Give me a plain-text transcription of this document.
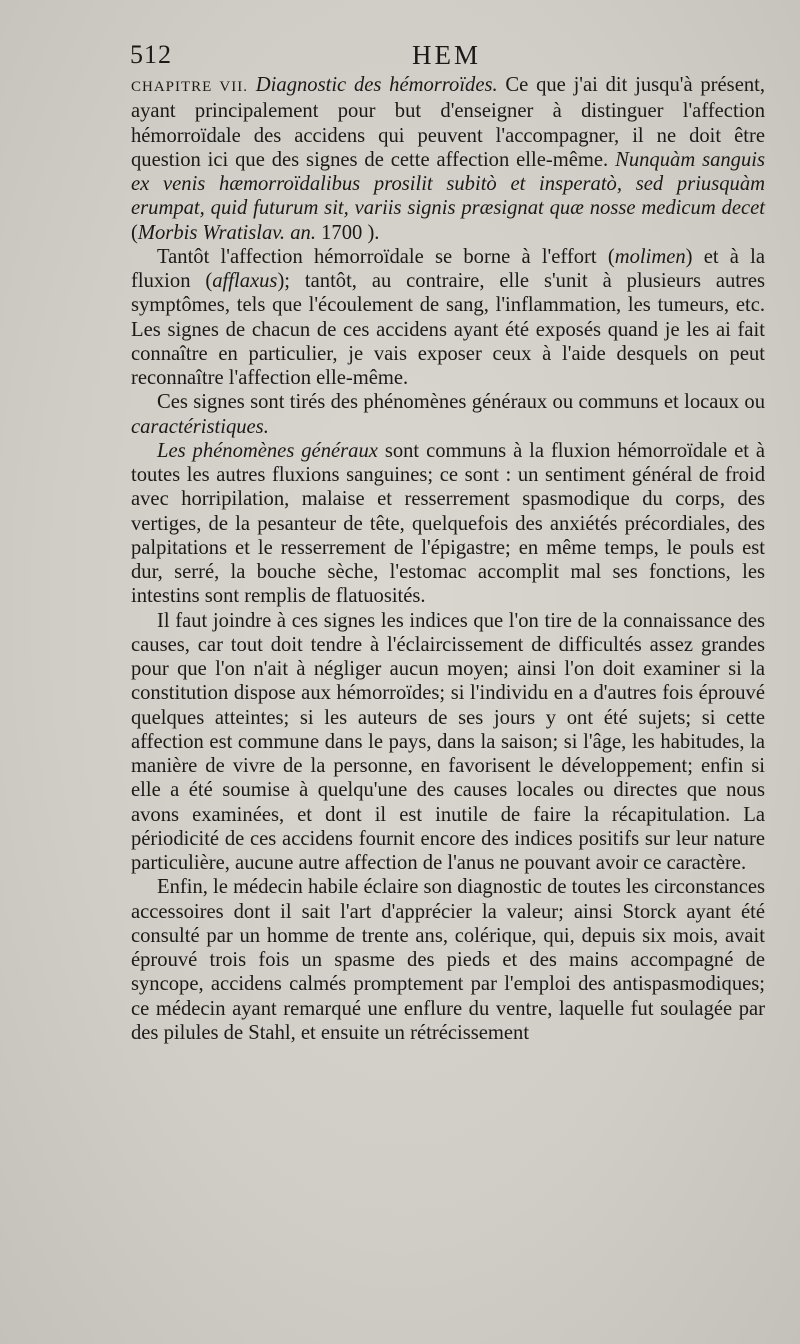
512	HEM

CHAPITRE VII. Diagnostic des hémorroïdes. Ce que j'ai dit jusqu'à présent, ayant principalement pour but d'enseigner à distinguer l'affection hémorroïdale des accidens qui peuvent l'accompagner, il ne doit être question ici que des signes de cette affection elle-même. Nunquàm sanguis ex venis hæmorroïdalibus prosilit subitò et insperatò, sed priusquàm erumpat, quid futurum sit, variis signis præsignat quæ nosse medicum decet (Morbis Wratislav. an. 1700 ).

Tantôt l'affection hémorroïdale se borne à l'effort (molimen) et à la fluxion (afflaxus); tantôt, au contraire, elle s'unit à plusieurs autres symptômes, tels que l'écoulement de sang, l'inflammation, les tumeurs, etc. Les signes de chacun de ces accidens ayant été exposés quand je les ai fait connaître en particulier, je vais exposer ceux à l'aide desquels on peut reconnaître l'affection elle-même.

Ces signes sont tirés des phénomènes généraux ou communs et locaux ou caractéristiques.

Les phénomènes généraux sont communs à la fluxion hémorroïdale et à toutes les autres fluxions sanguines; ce sont : un sentiment général de froid avec horripilation, malaise et resserrement spasmodique du corps, des vertiges, de la pesanteur de tête, quelquefois des anxiétés précordiales, des palpitations et le resserrement de l'épigastre; en même temps, le pouls est dur, serré, la bouche sèche, l'estomac accomplit mal ses fonctions, les intestins sont remplis de flatuosités.

Il faut joindre à ces signes les indices que l'on tire de la connaissance des causes, car tout doit tendre à l'éclaircissement de difficultés assez grandes pour que l'on n'ait à négliger aucun moyen; ainsi l'on doit examiner si la constitution dispose aux hémorroïdes; si l'individu en a d'autres fois éprouvé quelques atteintes; si les auteurs de ses jours y ont été sujets; si cette affection est commune dans le pays, dans la saison; si l'âge, les habitudes, la manière de vivre de la personne, en favorisent le développement; enfin si elle a été soumise à quelqu'une des causes locales ou directes que nous avons examinées, et dont il est inutile de faire la récapitulation. La périodicité de ces accidens fournit encore des indices positifs sur leur nature particulière, aucune autre affection de l'anus ne pouvant avoir ce caractère.

Enfin, le médecin habile éclaire son diagnostic de toutes les circonstances accessoires dont il sait l'art d'apprécier la valeur; ainsi Storck ayant été consulté par un homme de trente ans, colérique, qui, depuis six mois, avait éprouvé trois fois un spasme des pieds et des mains accompagné de syncope, accidens calmés promptement par l'emploi des antispasmodiques; ce médecin ayant remarqué une enflure du ventre, laquelle fut soulagée par des pilules de Stahl, et ensuite un rétrécissement
